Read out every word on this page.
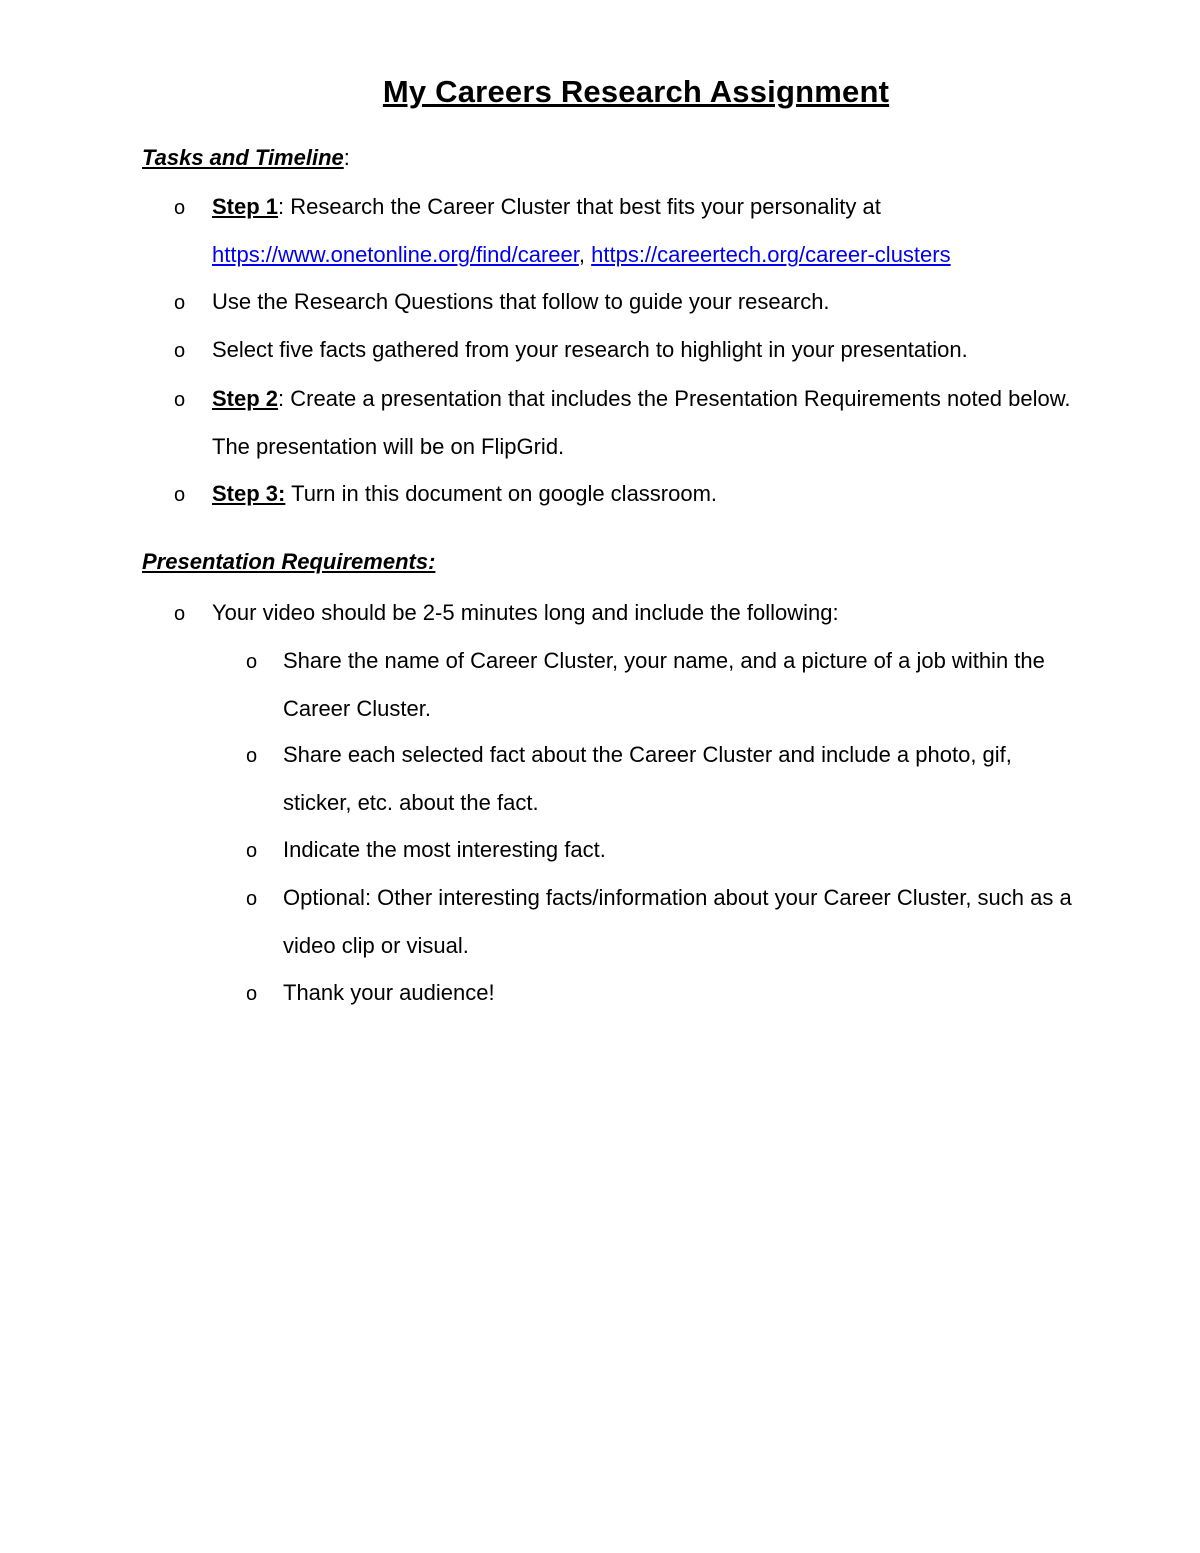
My Careers Research Assignment
Tasks and Timeline:
o Step 1: Research the Career Cluster that best fits your personality at
https://www.onetonline.org/find/career, https://careertech.org/career-clusters
o Use the Research Questions that follow to guide your research.
o Select five facts gathered from your research to highlight in your presentation.
o Step 2: Create a presentation that includes the Presentation Requirements noted below.
The presentation will be on FlipGrid.
o Step 3: Turn in this document on google classroom.
Presentation Requirements:
o Your video should be 2-5 minutes long and include the following:
o Share the name of Career Cluster, your name, and a picture of a job within the
Career Cluster.
o Share each selected fact about the Career Cluster and include a photo, gif,
sticker, etc. about the fact.
o Indicate the most interesting fact.
o Optional: Other interesting facts/information about your Career Cluster, such as a
video clip or visual.
o Thank your audience!
